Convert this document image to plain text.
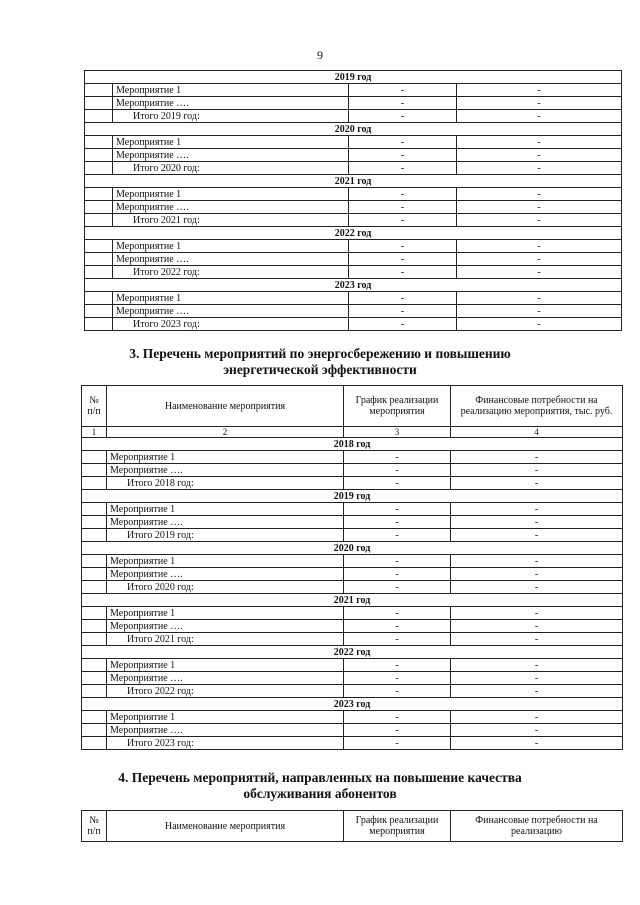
9
2019 год			
	Мероприятие 1	-	-
	Мероприятие ….	-	-
	Итого 2019 год:	-	-
2020 год			
	Мероприятие 1	-	-
	Мероприятие ….	-	-
	Итого 2020 год:	-	-
2021 год			
	Мероприятие 1	-	-
	Мероприятие ….	-	-
	Итого 2021 год:	-	-
2022 год			
	Мероприятие 1	-	-
	Мероприятие ….	-	-
	Итого 2022 год:	-	-
2023 год			
	Мероприятие 1	-	-
	Мероприятие ….	-	-
	Итого 2023 год:	-	-
3. Перечень мероприятий по энергосбережению и повышению
энергетической эффективности
№ п/п	Наименование мероприятия	График реализации мероприятия	Финансовые потребности на реализацию мероприятия, тыс. руб.
1	2	3	4
2018 год			
	Мероприятие 1	-	-
	Мероприятие ….	-	-
	Итого 2018 год:	-	-
2019 год			
	Мероприятие 1	-	-
	Мероприятие ….	-	-
	Итого 2019 год:	-	-
2020 год			
	Мероприятие 1	-	-
	Мероприятие ….	-	-
	Итого 2020 год:	-	-
2021 год			
	Мероприятие 1	-	-
	Мероприятие ….	-	-
	Итого 2021 год:	-	-
2022 год			
	Мероприятие 1	-	-
	Мероприятие ….	-	-
	Итого 2022 год:	-	-
2023 год			
	Мероприятие 1	-	-
	Мероприятие ….	-	-
	Итого 2023 год:	-	-
4. Перечень мероприятий, направленных на повышение качества
обслуживания абонентов
№ п/п	Наименование мероприятия	График реализации мероприятия	Финансовые потребности на реализацию
